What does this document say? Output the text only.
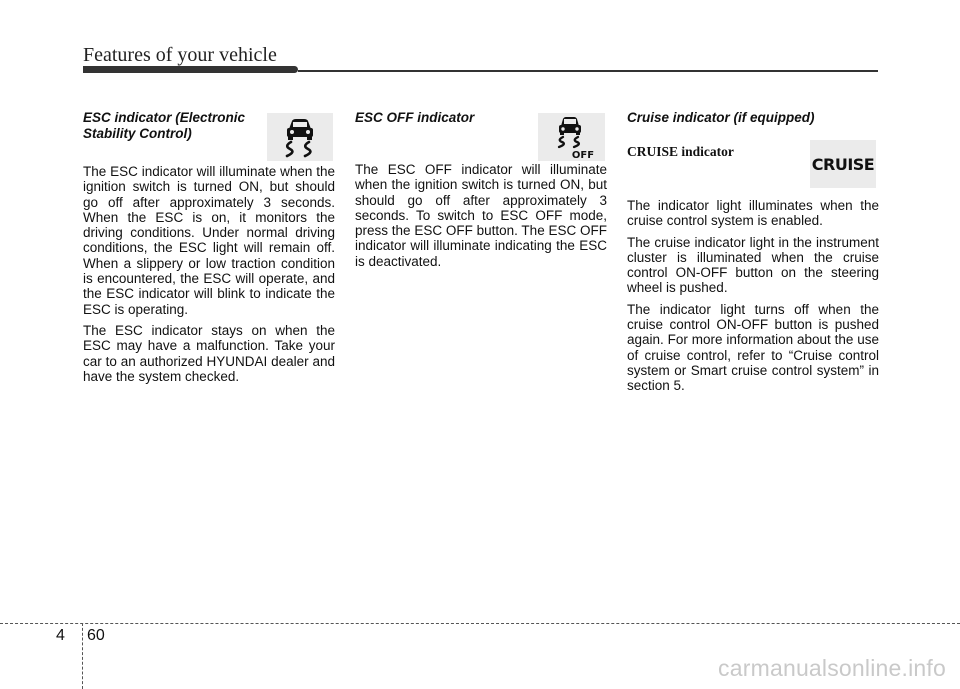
Features of your vehicle

ESC indicator (Electronic Stability Control)

The ESC indicator will illuminate when the ignition switch is turned ON, but should go off after approximately 3 seconds. When the ESC is on, it monitors the driving conditions. Under normal driving conditions, the ESC light will remain off. When a slippery or low traction condition is encountered, the ESC will operate, and the ESC indicator will blink to indicate the ESC is operating.

The ESC indicator stays on when the ESC may have a malfunction. Take your car to an authorized HYUNDAI dealer and have the system checked.

ESC OFF indicator

The ESC OFF indicator will illuminate when the ignition switch is turned ON, but should go off after approximately 3 seconds. To switch to ESC OFF mode, press the ESC OFF button. The ESC OFF indicator will illuminate indicating the ESC is deactivated.

OFF

Cruise indicator (if equipped)

CRUISE indicator

The indicator light illuminates when the cruise control system is enabled.

The cruise indicator light in the instrument cluster is illuminated when the cruise control ON-OFF button on the steering wheel is pushed.

The indicator light turns off when the cruise control ON-OFF button is pushed again. For more information about the use of cruise control, refer to “Cruise control system or Smart cruise control system” in section 5.

CRUISE
4 60
carmanualsonline.info
